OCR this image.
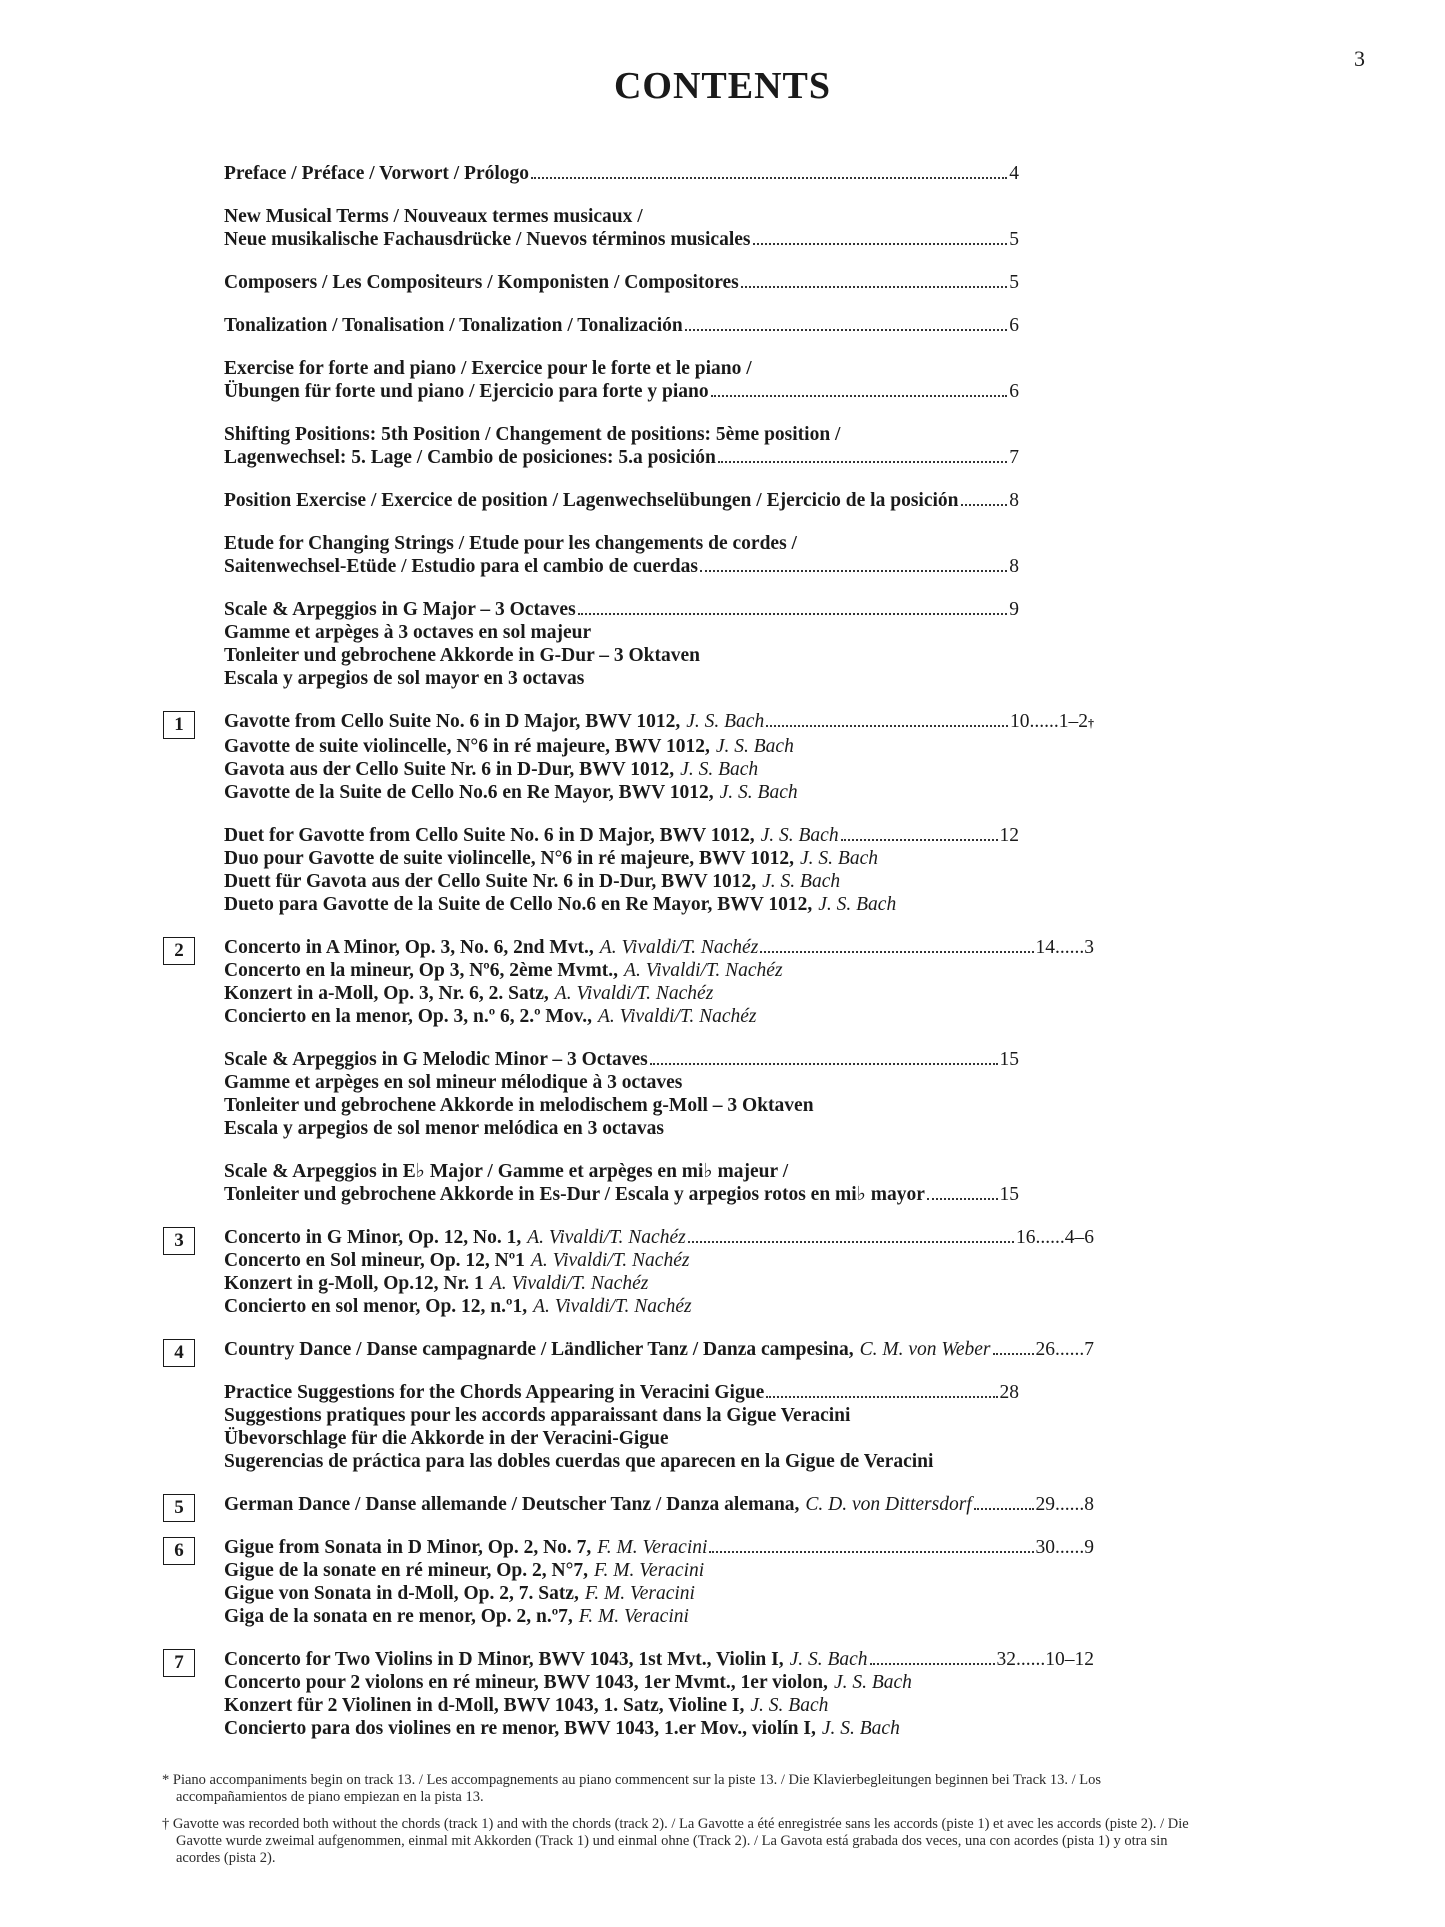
3
CONTENTS
Preface / Préface / Vorwort / Prólogo	4
New Musical Terms / Nouveaux termes musicaux /
Neue musikalische Fachausdrücke / Nuevos términos musicales	5
Composers / Les Compositeurs / Komponisten / Compositores	5
Tonalization / Tonalisation / Tonalization / Tonalización	6
Exercise for forte and piano / Exercice pour le forte et le piano /
Übungen für forte und piano / Ejercicio para forte y piano	6
Shifting Positions: 5th Position / Changement de positions: 5ème position /
Lagenwechsel: 5. Lage / Cambio de posiciones: 5.a posición	7
Position Exercise / Exercice de position / Lagenwechselübungen / Ejercicio de la posición	8
Etude for Changing Strings / Etude pour les changements de cordes /
Saitenwechsel-Etüde / Estudio para el cambio de cuerdas	8
Scale & Arpeggios in G Major – 3 Octaves	9
Gamme et arpèges à 3 octaves en sol majeur
Tonleiter und gebrochene Akkorde in G-Dur – 3 Oktaven
Escala y arpegios de sol mayor en 3 octavas
1	Gavotte from Cello Suite No. 6 in D Major, BWV 1012, J. S. Bach	10 ...... 1–2 †
Gavotte de suite violincelle, N°6 in ré majeure, BWV 1012, J. S. Bach
Gavota aus der Cello Suite Nr. 6 in D-Dur, BWV 1012, J. S. Bach
Gavotte de la Suite de Cello No.6 en Re Mayor, BWV 1012, J. S. Bach
Duet for Gavotte from Cello Suite No. 6 in D Major, BWV 1012, J. S. Bach	12
Duo pour Gavotte de suite violincelle, N°6 in ré majeure, BWV 1012, J. S. Bach
Duett für Gavota aus der Cello Suite Nr. 6 in D-Dur, BWV 1012, J. S. Bach
Dueto para Gavotte de la Suite de Cello No.6 en Re Mayor, BWV 1012, J. S. Bach
2	Concerto in A Minor, Op. 3, No. 6, 2nd Mvt., A. Vivaldi/T. Nachéz	14 ...... 3
Concerto en la mineur, Op 3, Nº6, 2ème Mvmt., A. Vivaldi/T. Nachéz
Konzert in a-Moll, Op. 3, Nr. 6, 2. Satz, A. Vivaldi/T. Nachéz
Concierto en la menor, Op. 3, n.º 6, 2.º Mov., A. Vivaldi/T. Nachéz
Scale & Arpeggios in G Melodic Minor – 3 Octaves	15
Gamme et arpèges en sol mineur mélodique à 3 octaves
Tonleiter und gebrochene Akkorde in melodischem g-Moll – 3 Oktaven
Escala y arpegios de sol menor melódica en 3 octavas
Scale & Arpeggios in E♭ Major / Gamme et arpèges en mi♭ majeur /
Tonleiter und gebrochene Akkorde in Es-Dur / Escala y arpegios rotos en mi♭ mayor	15
3	Concerto in G Minor, Op. 12, No. 1, A. Vivaldi/T. Nachéz	16 ...... 4–6
Concerto en Sol mineur, Op. 12, Nº1 A. Vivaldi/T. Nachéz
Konzert in g-Moll, Op.12, Nr. 1 A. Vivaldi/T. Nachéz
Concierto en sol menor, Op. 12, n.º1, A. Vivaldi/T. Nachéz
4	Country Dance / Danse campagnarde / Ländlicher Tanz / Danza campesina, C. M. von Weber 26 ...... 7
Practice Suggestions for the Chords Appearing in Veracini Gigue	28
Suggestions pratiques pour les accords apparaissant dans la Gigue Veracini
Übevorschlage für die Akkorde in der Veracini-Gigue
Sugerencias de práctica para las dobles cuerdas que aparecen en la Gigue de Veracini
5	German Dance / Danse allemande / Deutscher Tanz / Danza alemana, C. D. von Dittersdorf	29 ...... 8
6	Gigue from Sonata in D Minor, Op. 2, No. 7, F. M. Veracini	30 ...... 9
Gigue de la sonate en ré mineur, Op. 2, N°7, F. M. Veracini
Gigue von Sonata in d-Moll, Op. 2, 7. Satz, F. M. Veracini
Giga de la sonata en re menor, Op. 2, n.º7, F. M. Veracini
7	Concerto for Two Violins in D Minor, BWV 1043, 1st Mvt., Violin I, J. S. Bach	32 ...... 10–12
Concerto pour 2 violons en ré mineur, BWV 1043, 1er Mvmt., 1er violon, J. S. Bach
Konzert für 2 Violinen in d-Moll, BWV 1043, 1. Satz, Violine I, J. S. Bach
Concierto para dos violines en re menor, BWV 1043, 1.er Mov., violín I, J. S. Bach

* Piano accompaniments begin on track 13. / Les accompagnements au piano commencent sur la piste 13. / Die Klavierbegleitungen beginnen bei Track 13. / Los accompañamientos de piano empiezan en la pista 13.

† Gavotte was recorded both without the chords (track 1) and with the chords (track 2). / La Gavotte a été enregistrée sans les accords (piste 1) et avec les accords (piste 2). / Die Gavotte wurde zweimal aufgenommen, einmal mit Akkorden (Track 1) und einmal ohne (Track 2). / La Gavota está grabada dos veces, una con acordes (pista 1) y otra sin acordes (pista 2).
